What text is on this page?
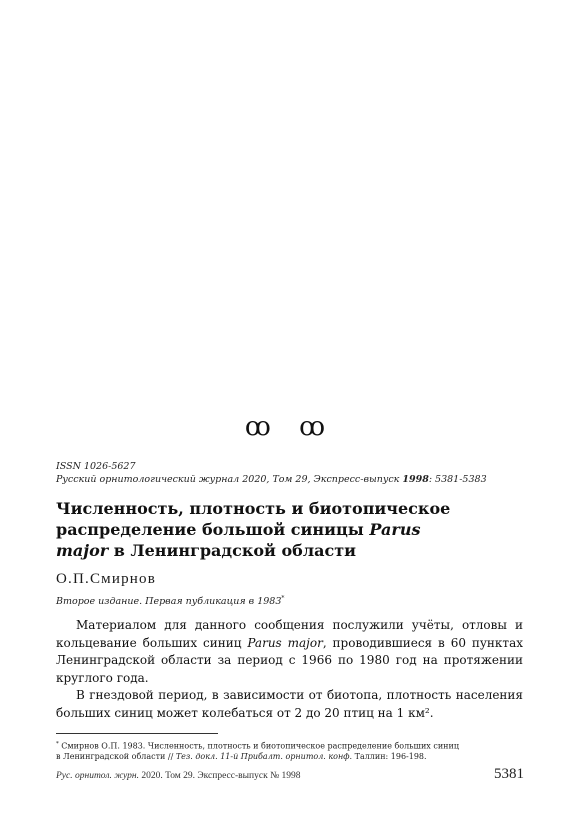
ꝏ ꝏ
ISSN 1026-5627
Русский орнитологический журнал 2020, Том 29, Экспресс-выпуск 1998: 5381-5383
Численность, плотность и биотопическое распределение большой синицы Parus major в Ленинградской области
О.П.Смирнов
Второе издание. Первая публикация в 1983*

Материалом для данного сообщения послужили учёты, отловы и кольцевание больших синиц Parus major, проводившиеся в 60 пунктах Ленинградской области за период с 1966 по 1980 год на протяжении круглого года.

В гнездовой период, в зависимости от биотопа, плотность населения больших синиц может колебаться от 2 до 20 птиц на 1 км².

* Смирнов О.П. 1983. Численность, плотность и биотопическое распределение больших синиц
в Ленинградской области // Тез. докл. 11-й Прибалт. орнитол. конф. Таллин: 196-198.
Рус. орнитол. журн. 2020. Том 29. Экспресс-выпуск № 1998	5381
